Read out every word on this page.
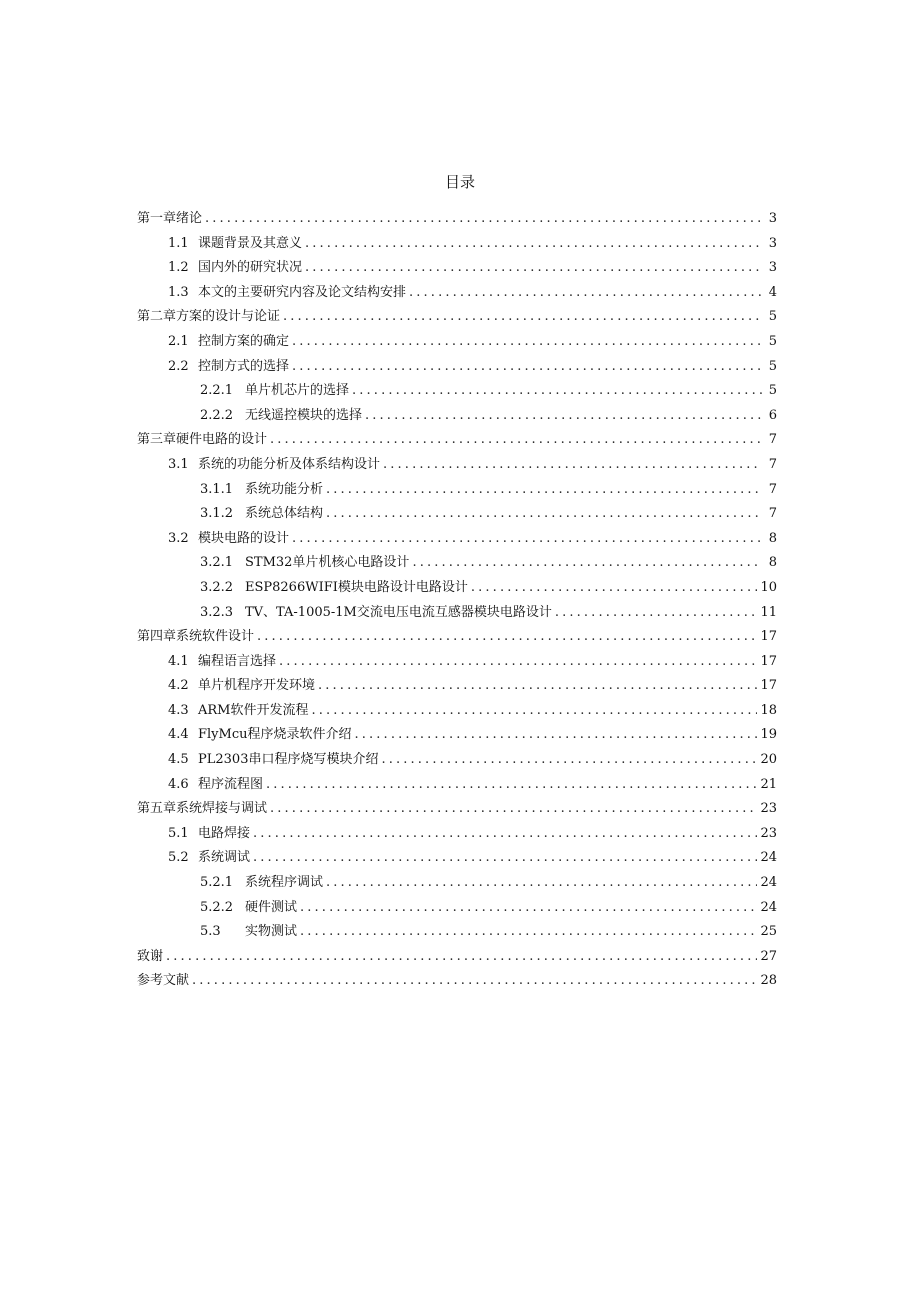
目录
第一章绪论 . . .	3
1.1 课题背景及其意义 . . .	3
1.2 国内外的研究状况 . . .	3
1.3 本文的主要研究内容及论文结构安排 . . .	4
第二章方案的设计与论证 . . .	5
2.1 控制方案的确定 . . .	5
2.2 控制方式的选择 . . .	5
2.2.1 单片机芯片的选择 . . .	5
2.2.2 无线遥控模块的选择 . . .	6
第三章硬件电路的设计 . . .	7
3.1 系统的功能分析及体系结构设计 . . .	7
3.1.1 系统功能分析 . . .	7
3.1.2 系统总体结构 . . .	7
3.2 模块电路的设计 . . .	8
3.2.1 STM32单片机核心电路设计 . . .	8
3.2.2 ESP8266WIFI模块电路设计电路设计 . . .	10
3.2.3 TV、TA-1005-1M交流电压电流互感器模块电路设计 . . .	11
第四章系统软件设计 . . .	17
4.1 编程语言选择 . . .	17
4.2 单片机程序开发环境 . . .	17
4.3 ARM软件开发流程 . . .	18
4.4 FlyMcu程序烧录软件介绍 . . .	19
4.5 PL2303串口程序烧写模块介绍 . . .	20
4.6 程序流程图 . . .	21
第五章系统焊接与调试 . . .	23
5.1 电路焊接 . . .	23
5.2 系统调试 . . .	24
5.2.1 系统程序调试 . . .	24
5.2.2 硬件测试 . . .	24
5.3	实物测试 . . .	25
致谢 . . .	27
参考文献 . . .	28
